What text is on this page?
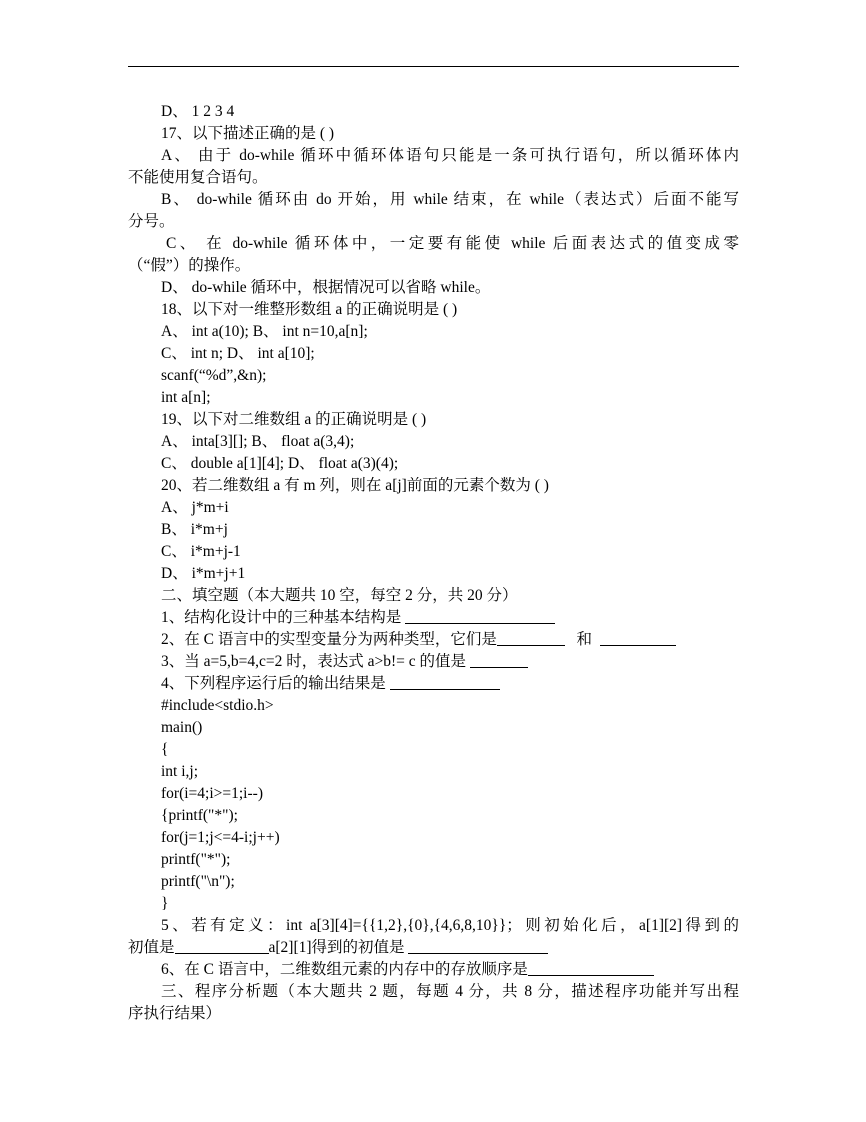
D、 1 2 3 4
17、以下描述正确的是 ( )
A、 由于 do-while 循环中循环体语句只能是一条可执行语句，所以循环体内
不能使用复合语句。
B、 do-while 循环由 do 开始，用 while 结束，在 while（表达式）后面不能写
分号。
C、 在 do-while 循环体中，一定要有能使 while 后面表达式的值变成零
（“假”）的操作。
D、 do-while 循环中，根据情况可以省略 while。
18、以下对一维整形数组 a 的正确说明是 ( )
A、 int a(10); B、 int n=10,a[n];
C、 int n; D、 int a[10];
scanf(“%d”,&n);
int a[n];
19、以下对二维数组 a 的正确说明是 ( )
A、 inta[3][]; B、 float a(3,4);
C、 double a[1][4]; D、 float a(3)(4);
20、若二维数组 a 有 m 列，则在 a[j]前面的元素个数为 ( )
A、 j*m+i
B、 i*m+j
C、 i*m+j-1
D、 i*m+j+1
二、填空题（本大题共 10 空，每空 2 分，共 20 分）
1、结构化设计中的三种基本结构是
2、在 C 语言中的实型变量分为两种类型，它们是	和
3、当 a=5,b=4,c=2 时，表达式 a>b!= c 的值是
4、下列程序运行后的输出结果是
#include<stdio.h>
main()
{
int i,j;
for(i=4;i>=1;i--)
{printf("*");
for(j=1;j<=4-i;j++)
printf("*");
printf("\n");
}
5、若有定义：int a[3][4]={{1,2},{0},{4,6,8,10}}；则初始化后，a[1][2]得到的
初值是	a[2][1]得到的初值是
6、在 C 语言中，二维数组元素的内存中的存放顺序是
三、程序分析题（本大题共 2 题，每题 4 分，共 8 分，描述程序功能并写出程
序执行结果）
